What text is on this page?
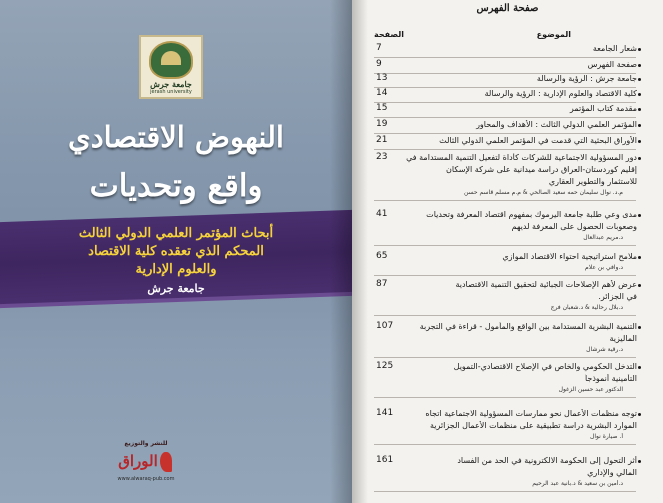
جامعة جرش
jerash university
النهوض الاقتصادي
واقع وتحديات
أبحاث المؤتمر العلمي الدولي الثالث
المحكم الذي تعقده كلية الاقتصاد
والعلوم الإدارية
جامعة جرش
للنشر والتوزيع
الوراق
www.alwaraq-pub.com
صفحة الفهرس
الموضوع
الصفحة
7	شعار الجامعة
9	صفحة الفهرس
13	جامعة جرش : الرؤية والرسالة
14	كلية الاقتصاد والعلوم الإدارية : الرؤية والرسالة
15	مقدمة كتاب المؤتمر
19	المؤتمر العلمي الدولي الثالث : الأهداف والمحاور
21	الأوراق البحثية التي قدمت في المؤتمر العلمي الدولي الثالث
23	دور المسؤولية الاجتماعية للشركات كأداة لتفعيل التنمية المستدامة في
إقليم كوردستان-العراق دراسة ميدانية على شركة الإسكان
للاستثمار والتطوير العقاري
م.د. نوال سليمان حمه سعيد الصالحي & م.م مسلم قاسم حسن
41	مدى وعي طلبة جامعة اليرموك بمفهوم اقتصاد المعرفة وتحديات
وصعوبات الحصول على المعرفة لديهم
د.مريم عبدالعال
65	ملامح استراتيجية احتواء الاقتصاد الموازي
د.وافي بن علام
87	عرض لأهم الإصلاحات الجبائية لتحقيق التنمية الاقتصادية
في الجزائر.
د.بلال رحالية & د.شعبان فرج
107	التنمية البشرية المستدامة بين الواقع والمأمول - قراءة في التجربة
الماليزية
د.رقية شرشال
125	التدخل الحكومي والخاص في الإصلاح الاقتصادي-التمويل
التأمينية أنموذجاً
الدكتور عبد حسين الزغول
141	توجه منظمات الأعمال نحو ممارسات المسؤولية الاجتماعية اتجاه
الموارد البشرية دراسة تطبيقية على منظمات الأعمال الجزائرية
أ. صيارة نوال
161	أثر التحول إلى الحكومة الالكترونية في الحد من الفساد
المالي والإداري
د.أمين بن سعيد & د.بانية عبد الرحيم
